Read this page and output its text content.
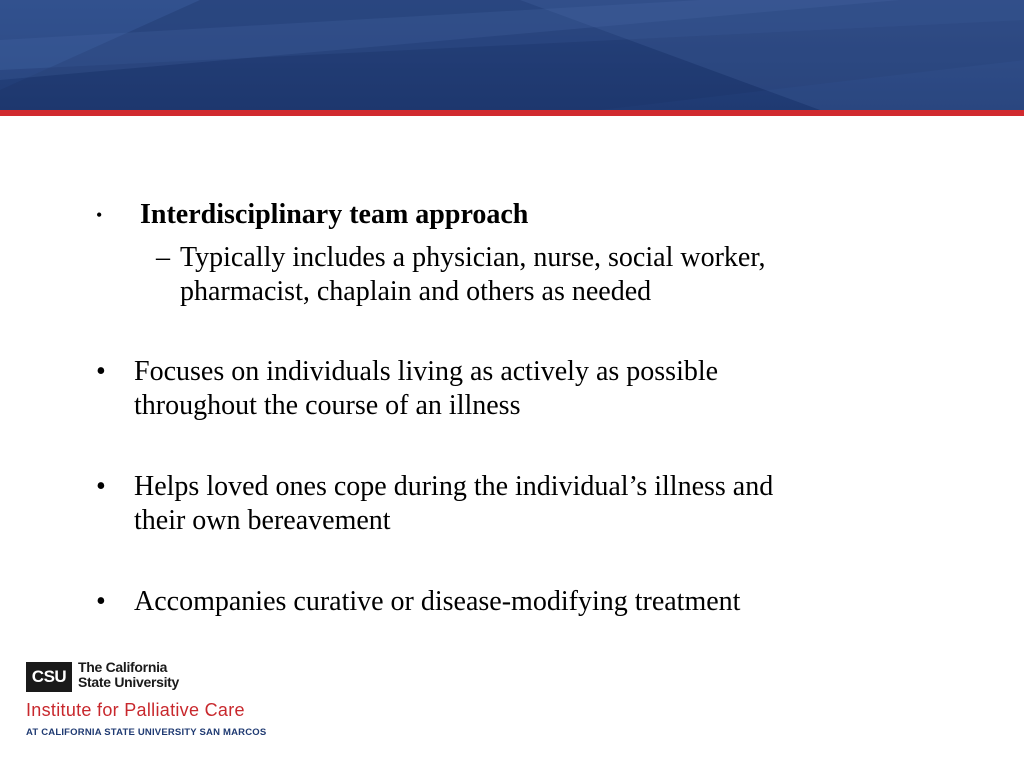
• Interdisciplinary team approach
– Typically includes a physician, nurse, social worker,
pharmacist, chaplain and others as needed
• Focuses on individuals living as actively as possible
throughout the course of an illness
• Helps loved ones cope during the individual’s illness and
their own bereavement
• Accompanies curative or disease-modifying treatment
CSU The California
State University
Institute for Palliative Care
AT CALIFORNIA STATE UNIVERSITY SAN MARCOS
